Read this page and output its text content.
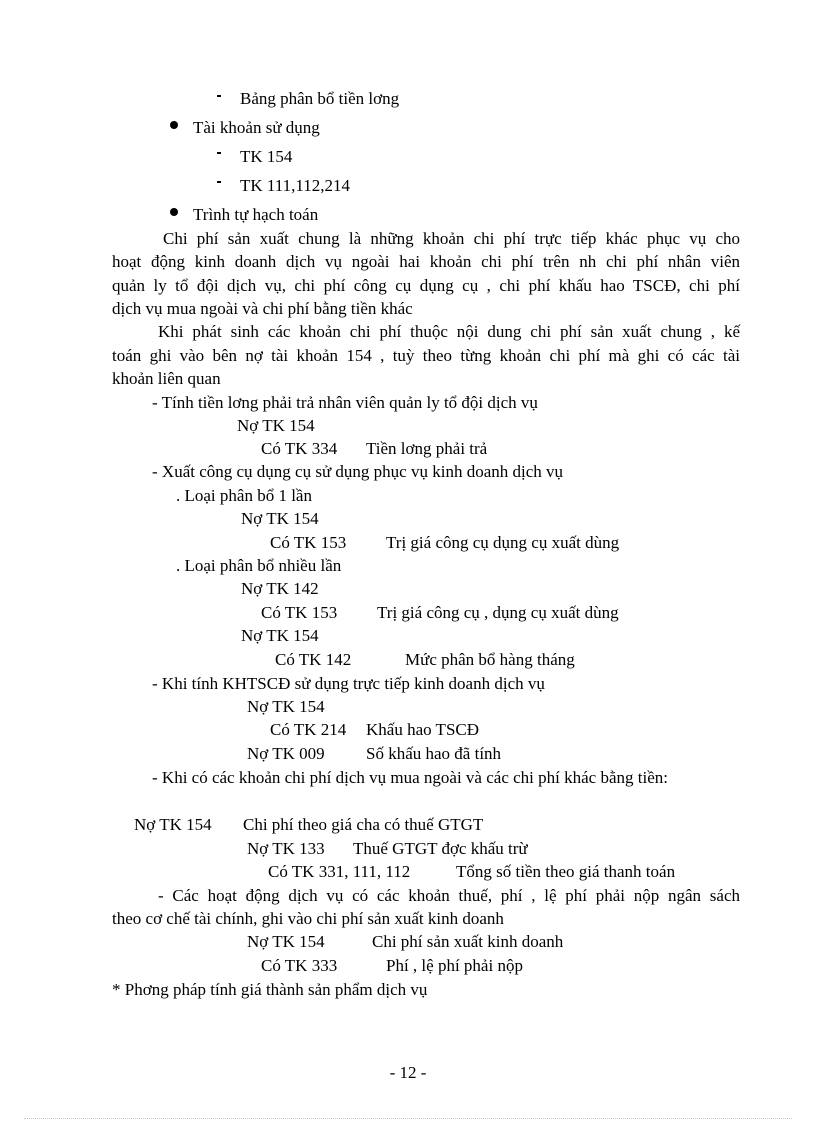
Bảng phân bổ tiền lơng
Tài khoản sử dụng
TK 154
TK 111,112,214
Trình tự hạch toán
Chi phí sản xuất chung là những khoản chi phí trực tiếp khác phục vụ cho
hoạt động kinh doanh dịch vụ ngoài hai khoản chi phí trên nh chi phí nhân viên
quản ly tổ đội dịch vụ, chi phí công cụ dụng cụ , chi phí khấu hao TSCĐ, chi phí
dịch vụ mua ngoài và chi phí bằng tiền khác
Khi phát sinh các khoản chi phí thuộc nội dung chi phí sản xuất chung , kế
toán ghi vào bên nợ tài khoản 154 , tuỳ theo từng khoản chi phí mà ghi có các tài
khoản liên quan
- Tính tiền lơng phải trả nhân viên quản ly tổ đội dịch vụ
Nợ TK 154
Có TK 334 Tiền lơng phải trả
- Xuất công cụ dụng cụ sử dụng phục vụ kinh doanh dịch vụ
. Loại phân bổ 1 lần
Nợ TK 154
Có TK 153 Trị giá công cụ dụng cụ xuất dùng
. Loại phân bổ nhiều lần
Nợ TK 142
Có TK 153 Trị giá công cụ , dụng cụ xuất dùng
Nợ TK 154
Có TK 142	Mức phân bổ hàng tháng
- Khi tính KHTSCĐ sử dụng trực tiếp kinh doanh dịch vụ
Nợ TK 154
Có TK 214 Khấu hao TSCĐ
Nợ TK 009 Số khấu hao đã tính
- Khi có các khoản chi phí dịch vụ mua ngoài và các chi phí khác bằng tiền:
Nợ TK 154 Chi phí theo giá cha có thuế GTGT
Nợ TK 133 Thuế GTGT đợc khấu trừ
Có TK 331, 111, 112	Tổng số tiền theo giá thanh toán
- Các hoạt động dịch vụ có các khoản thuế, phí , lệ phí phải nộp ngân sách
theo cơ chế tài chính, ghi vào chi phí sản xuất kinh doanh
Nợ TK 154	Chi phí sản xuất kinh doanh
Có TK 333	Phí , lệ phí phải nộp
* Phơng pháp tính giá thành sản phẩm dịch vụ
- 12 -
